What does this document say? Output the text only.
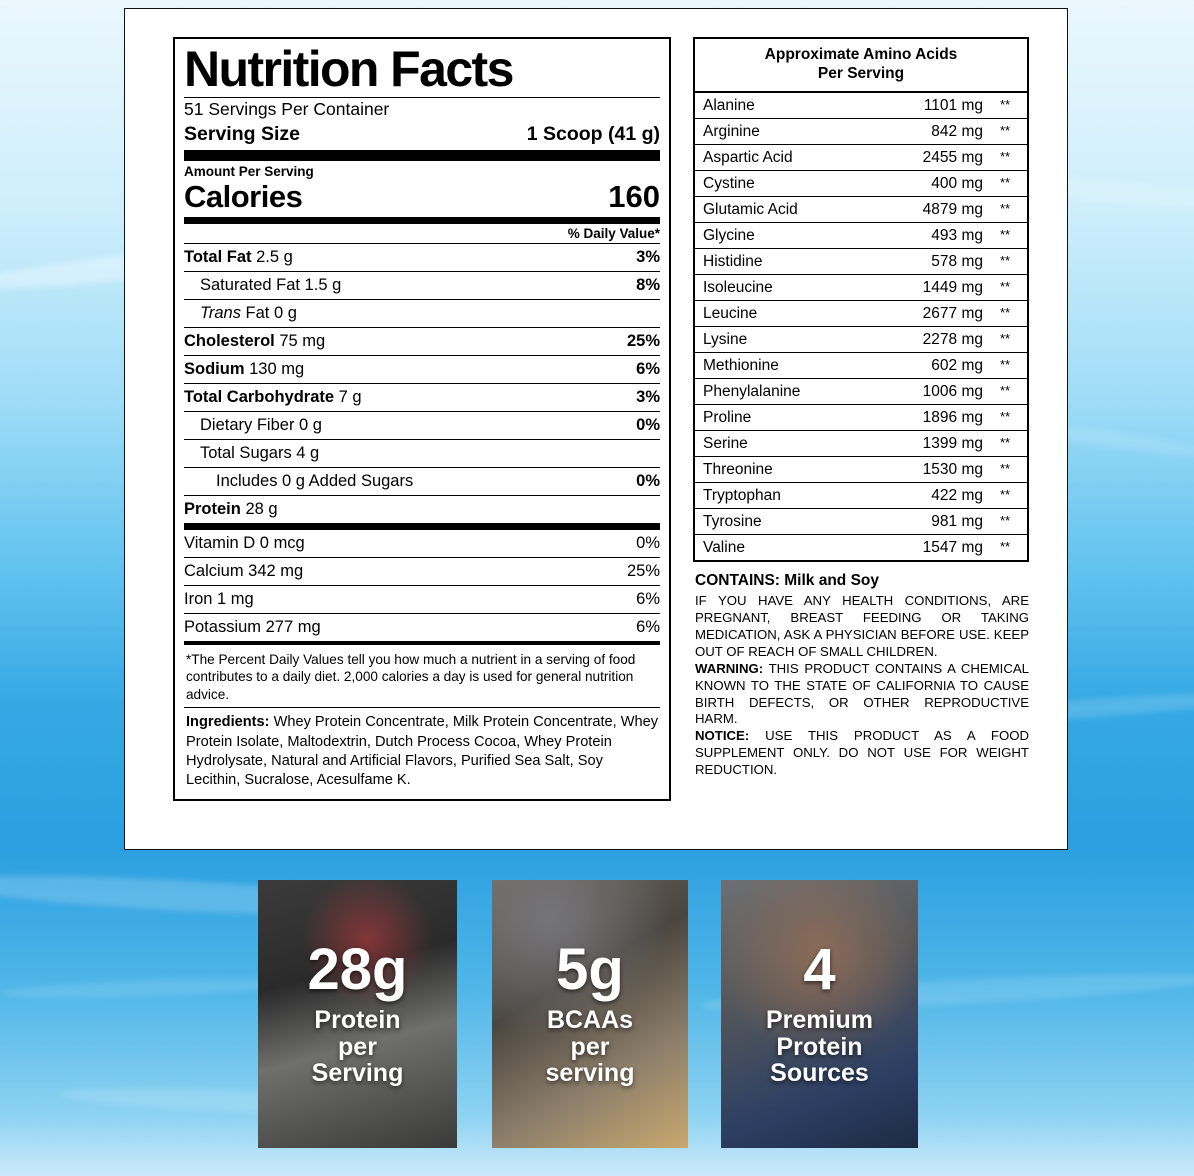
Nutrition Facts
51 Servings Per Container
Serving Size	1 Scoop (41 g)
Amount Per Serving
Calories	160
% Daily Value*
Total Fat 2.5 g	3%
Saturated Fat 1.5 g	8%
Trans Fat 0 g
Cholesterol 75 mg	25%
Sodium 130 mg	6%
Total Carbohydrate 7 g	3%
Dietary Fiber 0 g	0%
Total Sugars 4 g
Includes 0 g Added Sugars	0%
Protein 28 g
Vitamin D 0 mcg	0%
Calcium 342 mg	25%
Iron 1 mg	6%
Potassium 277 mg	6%
*The Percent Daily Values tell you how much a nutrient in a serving of food contributes to a daily diet. 2,000 calories a day is used for general nutrition advice.
Ingredients: Whey Protein Concentrate, Milk Protein Concentrate, Whey Protein Isolate, Maltodextrin, Dutch Process Cocoa, Whey Protein Hydrolysate, Natural and Artificial Flavors, Purified Sea Salt, Soy Lecithin, Sucralose, Acesulfame K.
Approximate Amino Acids
Per Serving
Alanine	1101 mg	**
Arginine	842 mg	**
Aspartic Acid	2455 mg	**
Cystine	400 mg	**
Glutamic Acid	4879 mg	**
Glycine	493 mg	**
Histidine	578 mg	**
Isoleucine	1449 mg	**
Leucine	2677 mg	**
Lysine	2278 mg	**
Methionine	602 mg	**
Phenylalanine	1006 mg	**
Proline	1896 mg	**
Serine	1399 mg	**
Threonine	1530 mg	**
Tryptophan	422 mg	**
Tyrosine	981 mg	**
Valine	1547 mg	**
CONTAINS: Milk and Soy

IF YOU HAVE ANY HEALTH CONDITIONS, ARE PREGNANT, BREAST FEEDING OR TAKING MEDICATION, ASK A PHYSICIAN BEFORE USE. KEEP OUT OF REACH OF SMALL CHILDREN.

WARNING: THIS PRODUCT CONTAINS A CHEMICAL KNOWN TO THE STATE OF CALIFORNIA TO CAUSE BIRTH DEFECTS, OR OTHER REPRODUCTIVE HARM.

NOTICE: USE THIS PRODUCT AS A FOOD SUPPLEMENT ONLY. DO NOT USE FOR WEIGHT REDUCTION.

28g
Protein
per
Serving
5g
BCAAs
per
serving
4
Premium
Protein
Sources
